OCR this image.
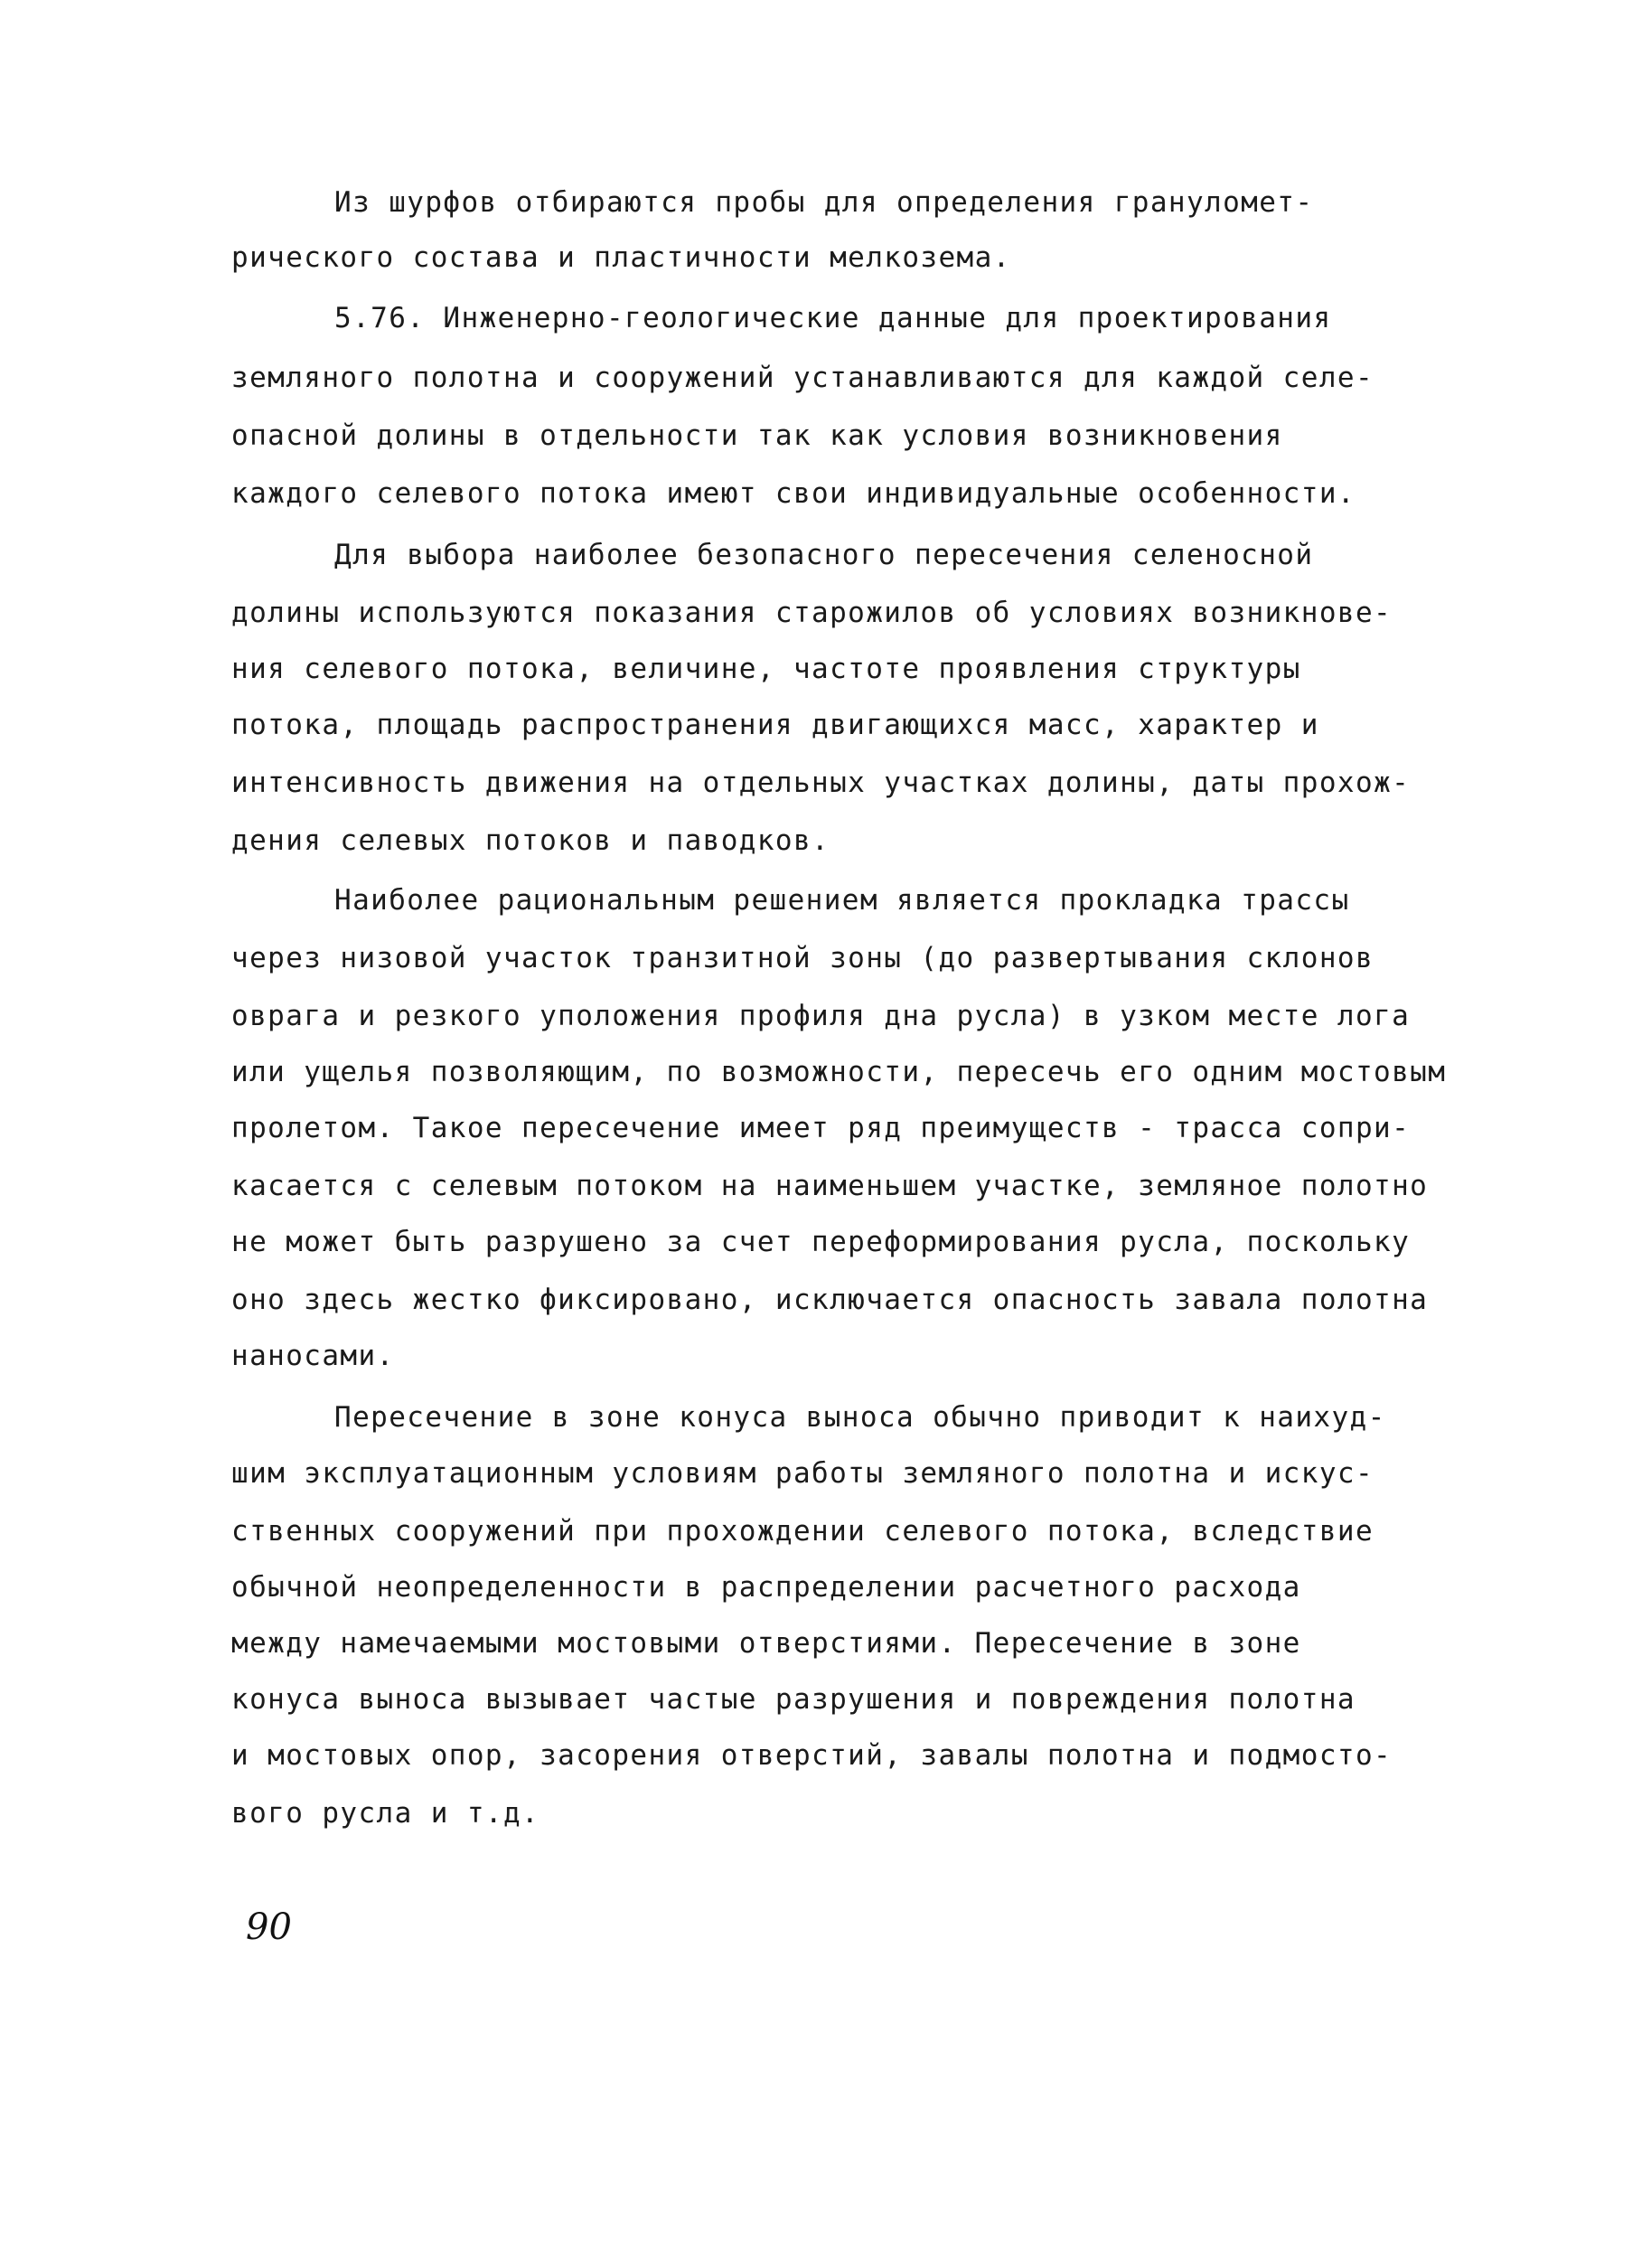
Из шурфов отбираются пробы для определения грануломет-
рического состава и пластичности мелкозема.
5.76. Инженерно-геологические данные для проектирования
земляного полотна и сооружений устанавливаются для каждой селе-
опасной долины в отдельности так как условия возникновения
каждого селевого потока имеют свои индивидуальные особенности.
Для выбора наиболее безопасного пересечения селеносной
долины используются показания старожилов об условиях возникнове-
ния селевого потока, величине, частоте проявления структуры
потока, площадь распространения двигающихся масс, характер и
интенсивность движения на отдельных участках долины, даты прохож-
дения селевых потоков и паводков.
Наиболее рациональным решением является прокладка трассы
через низовой участок транзитной зоны (до развертывания склонов
оврага и резкого уположения профиля дна русла) в узком месте лога
или ущелья позволяющим, по возможности, пересечь его одним мостовым
пролетом. Такое пересечение имеет ряд преимуществ - трасса сопри-
касается с селевым потоком на наименьшем участке, земляное полотно
не может быть разрушено за счет переформирования русла, поскольку
оно здесь жестко фиксировано, исключается опасность завала полотна
наносами.
Пересечение в зоне конуса выноса обычно приводит к наихуд-
шим эксплуатационным условиям работы земляного полотна и искус-
ственных сооружений при прохождении селевого потока, вследствие
обычной неопределенности в распределении расчетного расхода
между намечаемыми мостовыми отверстиями. Пересечение в зоне
конуса выноса вызывает частые разрушения и повреждения полотна
и мостовых опор, засорения отверстий, завалы полотна и подмосто-
вого русла и т.д.
90
